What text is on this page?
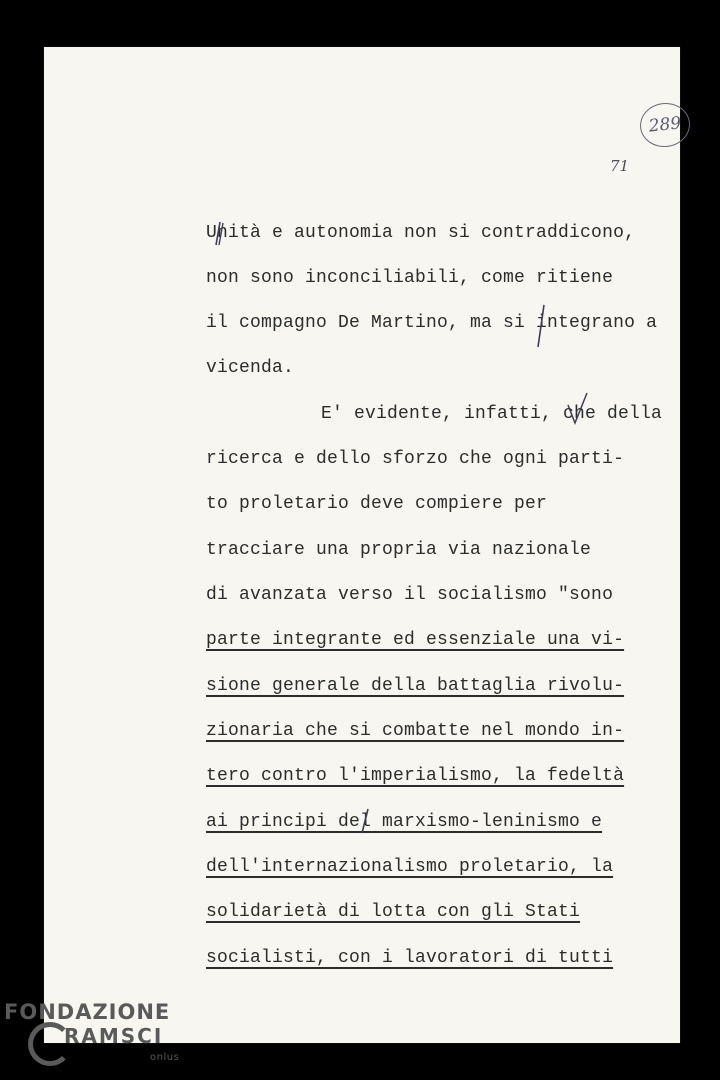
289
71
Unità e autonomia non si contraddicono,
non sono inconciliabili, come ritiene
il compagno De Martino, ma si integrano a
vicenda.
E' evidente, infatti, che della
ricerca e dello sforzo che ogni parti-
to proletario deve compiere per
tracciare una propria via nazionale
di avanzata verso il socialismo "sono
parte integrante ed essenziale una vi-
sione generale della battaglia rivolu-
zionaria che si combatte nel mondo in-
tero contro l'imperialismo, la fedeltà
ai principi del marxismo-leninismo e
dell'internazionalismo proletario, la
solidarietà di lotta con gli Stati
socialisti, con i lavoratori di tutti
FONDAZIONE
RAMSCI
onlus
